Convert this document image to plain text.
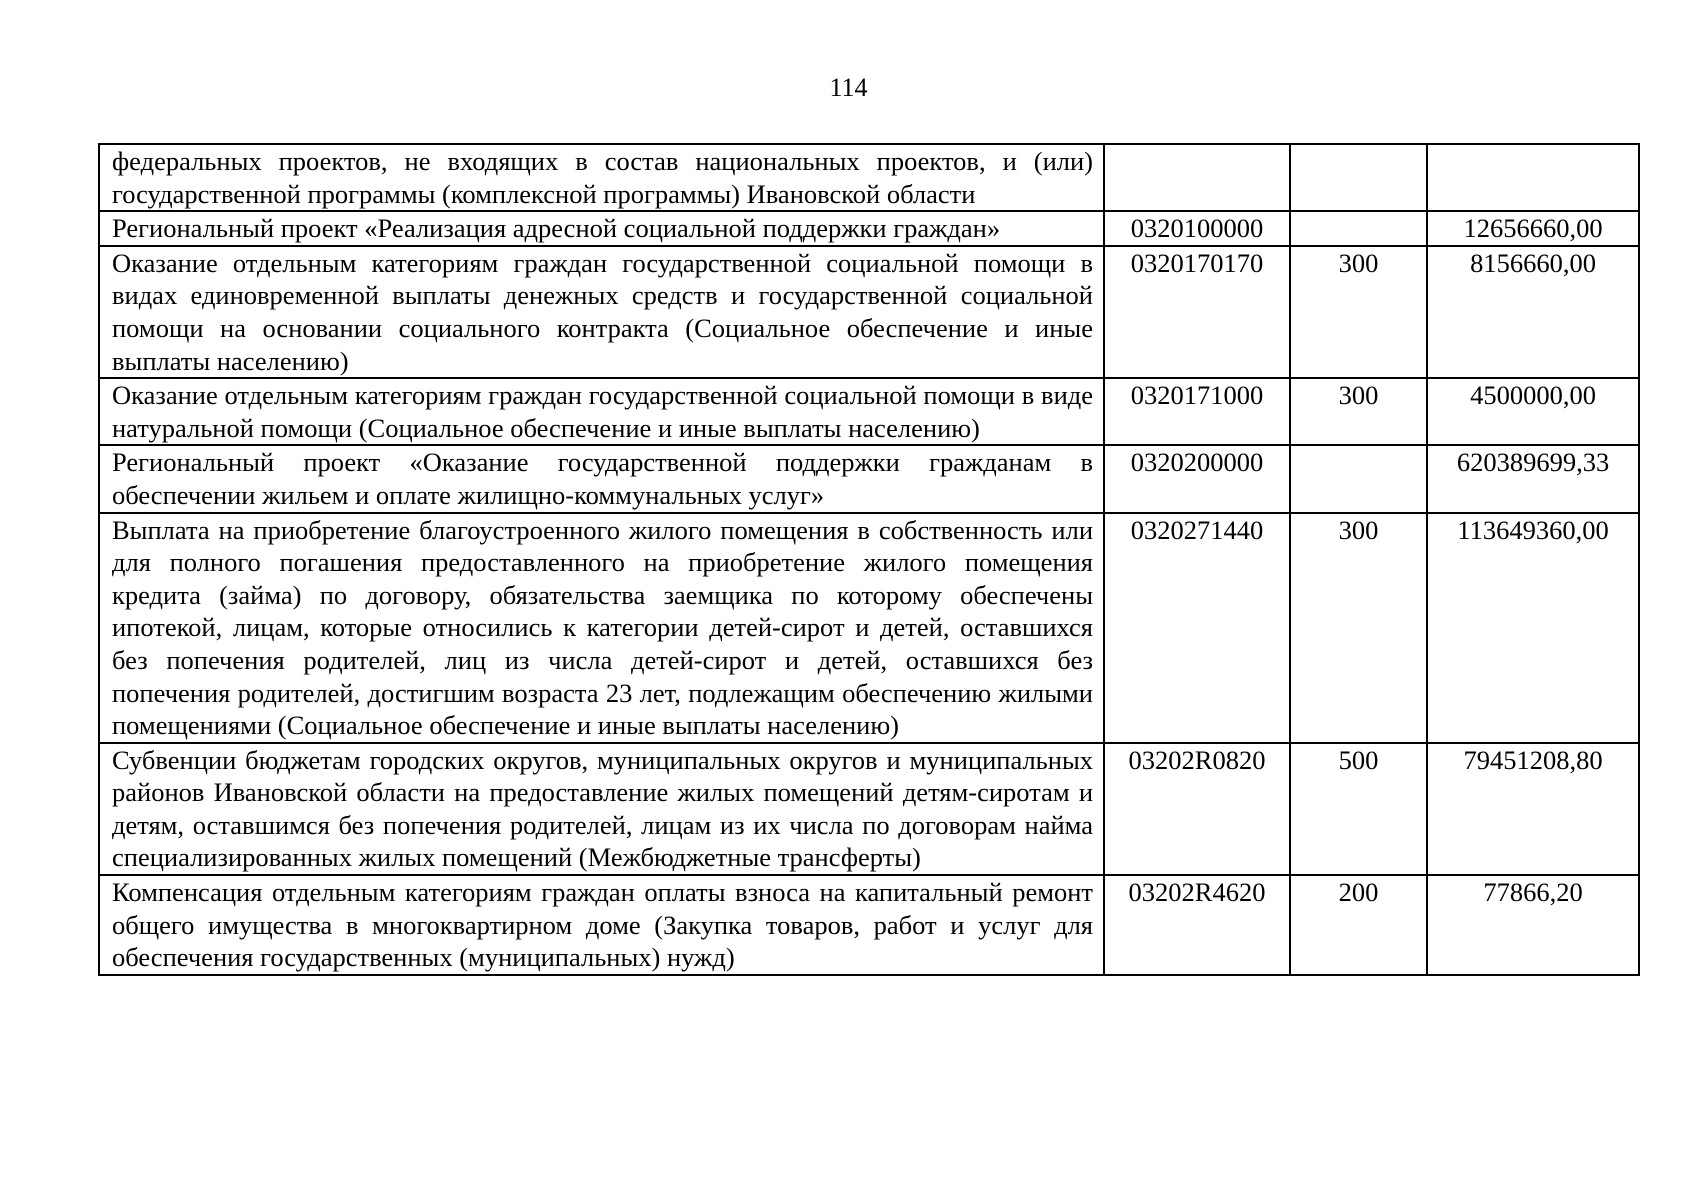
114
федеральных проектов, не входящих в состав национальных проектов, и (или) государственной программы (комплексной программы) Ивановской области			
Региональный проект «Реализация адресной социальной поддержки граждан»	0320100000		12656660,00
Оказание отдельным категориям граждан государственной социальной помощи в видах единовременной выплаты денежных средств и государственной социальной помощи на основании социального контракта (Социальное обеспечение и иные выплаты населению)	0320170170	300	8156660,00
Оказание отдельным категориям граждан государственной социальной помощи в виде натуральной помощи (Социальное обеспечение и иные выплаты населению)	0320171000	300	4500000,00
Региональный проект «Оказание государственной поддержки гражданам в обеспечении жильем и оплате жилищно-коммунальных услуг»	0320200000		620389699,33
Выплата на приобретение благоустроенного жилого помещения в собственность или для полного погашения предоставленного на приобретение жилого помещения кредита (займа) по договору, обязательства заемщика по которому обеспечены ипотекой, лицам, которые относились к категории детей-сирот и детей, оставшихся без попечения родителей, лиц из числа детей-сирот и детей, оставшихся без попечения родителей, достигшим возраста 23 лет, подлежащим обеспечению жилыми помещениями (Социальное обеспечение и иные выплаты населению)	0320271440	300	113649360,00
Субвенции бюджетам городских округов, муниципальных округов и муниципальных районов Ивановской области на предоставление жилых помещений детям-сиротам и детям, оставшимся без попечения родителей, лицам из их числа по договорам найма специализированных жилых помещений (Межбюджетные трансферты)	03202R0820	500	79451208,80
Компенсация отдельным категориям граждан оплаты взноса на капитальный ремонт общего имущества в многоквартирном доме (Закупка товаров, работ и услуг для обеспечения государственных (муниципальных) нужд)	03202R4620	200	77866,20
